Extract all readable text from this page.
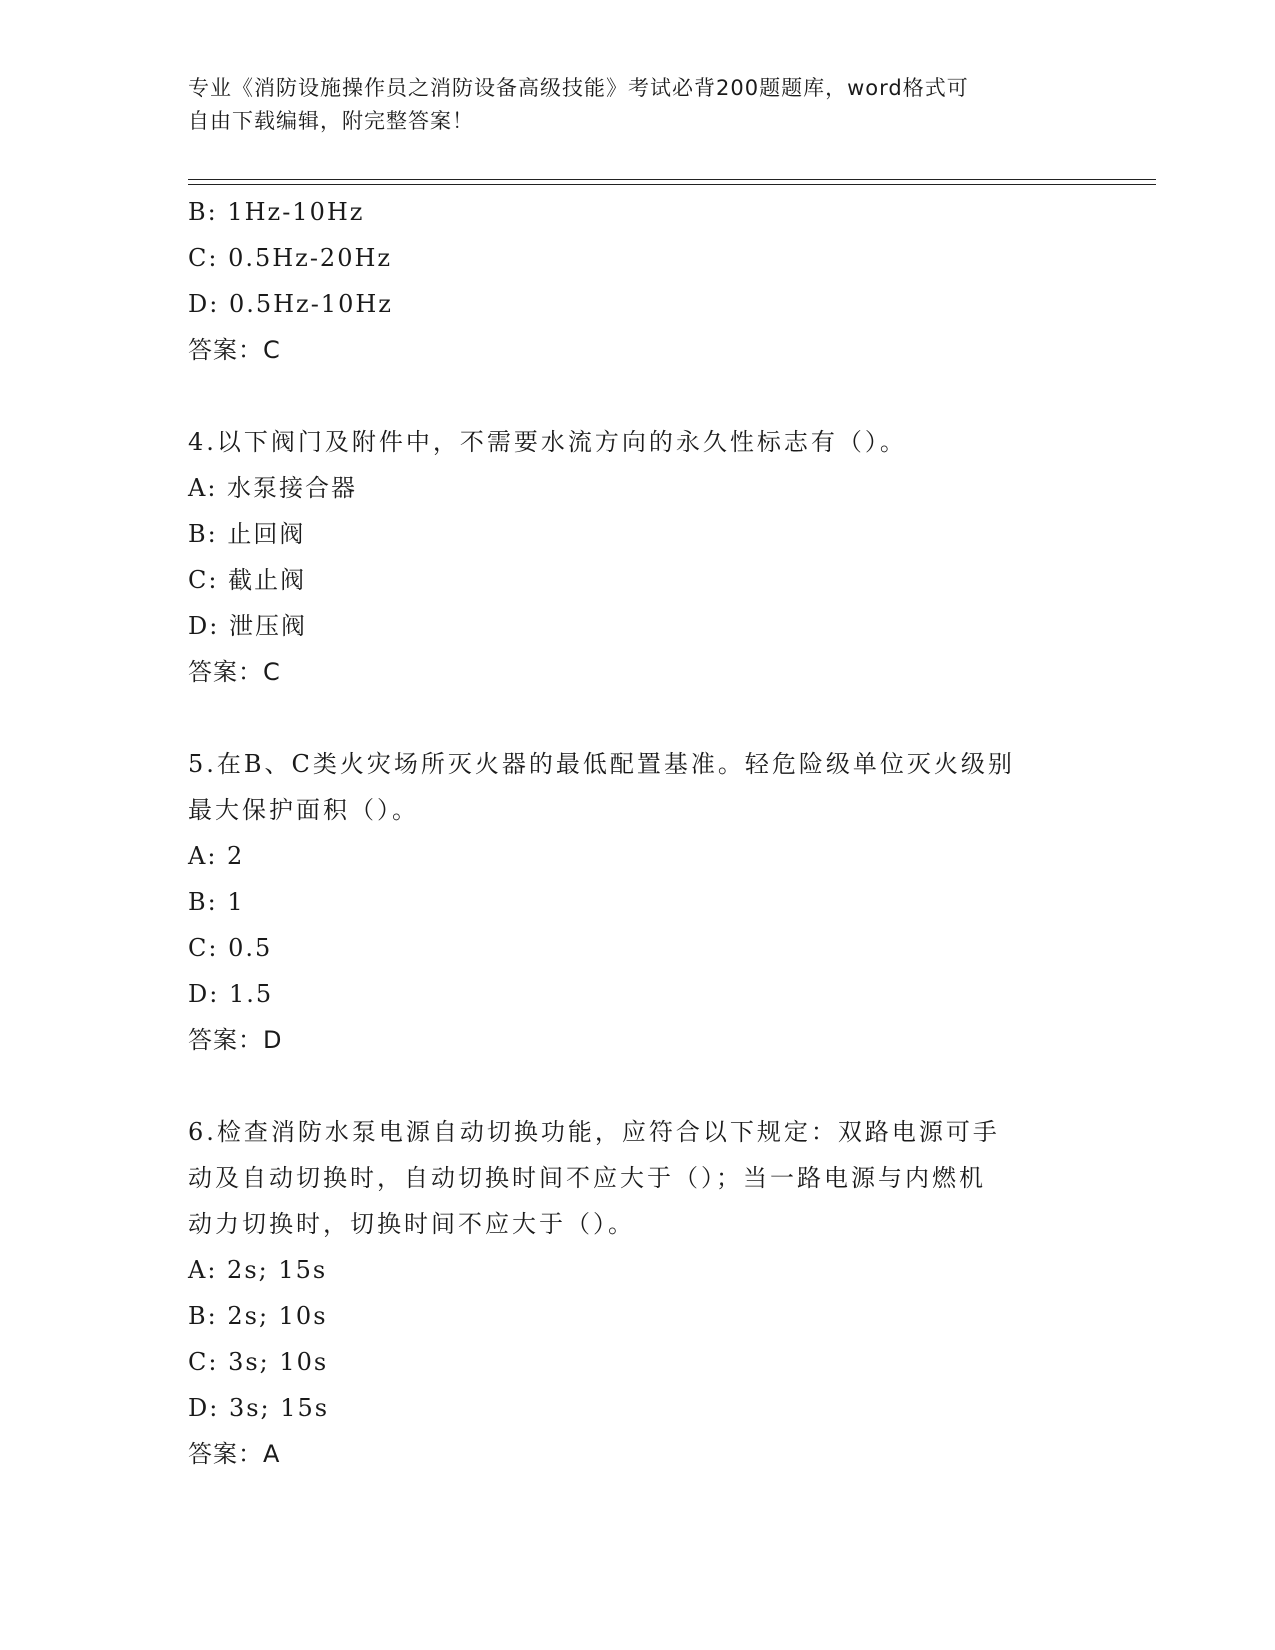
专业《消防设施操作员之消防设备高级技能》考试必背200题题库，word格式可
自由下载编辑，附完整答案！
B: 1Hz-10Hz
C: 0.5Hz-20Hz
D: 0.5Hz-10Hz
答案：C
4.以下阀门及附件中，不需要水流方向的永久性标志有（）。
A: 水泵接合器
B: 止回阀
C: 截止阀
D: 泄压阀
答案：C
5.在B、C类火灾场所灭火器的最低配置基准。轻危险级单位灭火级别
最大保护面积（）。
A: 2
B: 1
C: 0.5
D: 1.5
答案：D
6.检查消防水泵电源自动切换功能，应符合以下规定：双路电源可手
动及自动切换时，自动切换时间不应大于（）；当一路电源与内燃机
动力切换时，切换时间不应大于（）。
A: 2s; 15s
B: 2s; 10s
C: 3s; 10s
D: 3s; 15s
答案：A
